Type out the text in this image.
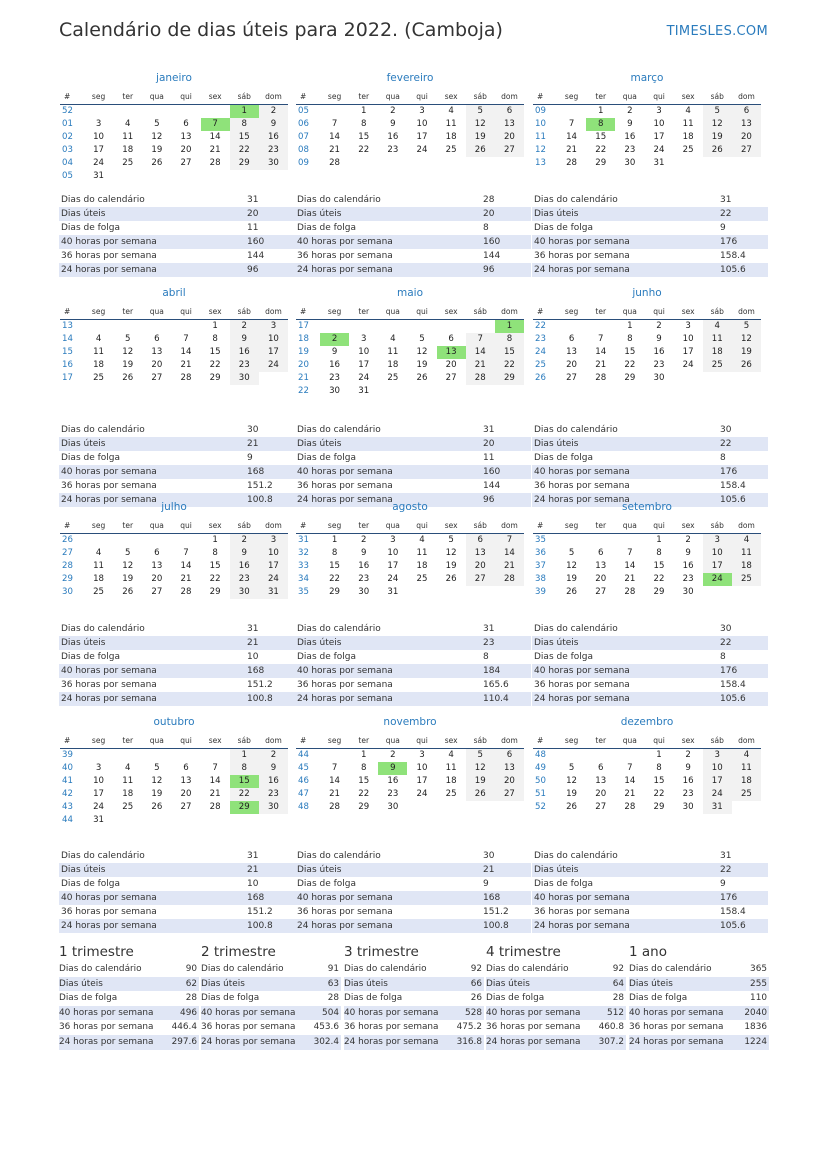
Calendário de dias úteis para 2022. (Camboja)	TIMESLES.COM
janeiro
#	seg	ter	qua	qui	sex	sáb	dom
52						1	2
01	3	4	5	6	7	8	9
02	10	11	12	13	14	15	16
03	17	18	19	20	21	22	23
04	24	25	26	27	28	29	30
05	31						
Dias do calendário	31
Dias úteis	20
Dias de folga	11
40 horas por semana	160
36 horas por semana	144
24 horas por semana	96
fevereiro
#	seg	ter	qua	qui	sex	sáb	dom
05		1	2	3	4	5	6
06	7	8	9	10	11	12	13
07	14	15	16	17	18	19	20
08	21	22	23	24	25	26	27
09	28						
Dias do calendário	28
Dias úteis	20
Dias de folga	8
40 horas por semana	160
36 horas por semana	144
24 horas por semana	96
março
#	seg	ter	qua	qui	sex	sáb	dom
09		1	2	3	4	5	6
10	7	8	9	10	11	12	13
11	14	15	16	17	18	19	20
12	21	22	23	24	25	26	27
13	28	29	30	31			
Dias do calendário	31
Dias úteis	22
Dias de folga	9
40 horas por semana	176
36 horas por semana	158.4
24 horas por semana	105.6
abril
#	seg	ter	qua	qui	sex	sáb	dom
13					1	2	3
14	4	5	6	7	8	9	10
15	11	12	13	14	15	16	17
16	18	19	20	21	22	23	24
17	25	26	27	28	29	30	
Dias do calendário	30
Dias úteis	21
Dias de folga	9
40 horas por semana	168
36 horas por semana	151.2
24 horas por semana	100.8
maio
#	seg	ter	qua	qui	sex	sáb	dom
17							1
18	2	3	4	5	6	7	8
19	9	10	11	12	13	14	15
20	16	17	18	19	20	21	22
21	23	24	25	26	27	28	29
22	30	31					
Dias do calendário	31
Dias úteis	20
Dias de folga	11
40 horas por semana	160
36 horas por semana	144
24 horas por semana	96
junho
#	seg	ter	qua	qui	sex	sáb	dom
22			1	2	3	4	5
23	6	7	8	9	10	11	12
24	13	14	15	16	17	18	19
25	20	21	22	23	24	25	26
26	27	28	29	30			
Dias do calendário	30
Dias úteis	22
Dias de folga	8
40 horas por semana	176
36 horas por semana	158.4
24 horas por semana	105.6
julho
#	seg	ter	qua	qui	sex	sáb	dom
26					1	2	3
27	4	5	6	7	8	9	10
28	11	12	13	14	15	16	17
29	18	19	20	21	22	23	24
30	25	26	27	28	29	30	31
Dias do calendário	31
Dias úteis	21
Dias de folga	10
40 horas por semana	168
36 horas por semana	151.2
24 horas por semana	100.8
agosto
#	seg	ter	qua	qui	sex	sáb	dom
31	1	2	3	4	5	6	7
32	8	9	10	11	12	13	14
33	15	16	17	18	19	20	21
34	22	23	24	25	26	27	28
35	29	30	31				
Dias do calendário	31
Dias úteis	23
Dias de folga	8
40 horas por semana	184
36 horas por semana	165.6
24 horas por semana	110.4
setembro
#	seg	ter	qua	qui	sex	sáb	dom
35				1	2	3	4
36	5	6	7	8	9	10	11
37	12	13	14	15	16	17	18
38	19	20	21	22	23	24	25
39	26	27	28	29	30		
Dias do calendário	30
Dias úteis	22
Dias de folga	8
40 horas por semana	176
36 horas por semana	158.4
24 horas por semana	105.6
outubro
#	seg	ter	qua	qui	sex	sáb	dom
39						1	2
40	3	4	5	6	7	8	9
41	10	11	12	13	14	15	16
42	17	18	19	20	21	22	23
43	24	25	26	27	28	29	30
44	31						
Dias do calendário	31
Dias úteis	21
Dias de folga	10
40 horas por semana	168
36 horas por semana	151.2
24 horas por semana	100.8
novembro
#	seg	ter	qua	qui	sex	sáb	dom
44		1	2	3	4	5	6
45	7	8	9	10	11	12	13
46	14	15	16	17	18	19	20
47	21	22	23	24	25	26	27
48	28	29	30				
Dias do calendário	30
Dias úteis	21
Dias de folga	9
40 horas por semana	168
36 horas por semana	151.2
24 horas por semana	100.8
dezembro
#	seg	ter	qua	qui	sex	sáb	dom
48				1	2	3	4
49	5	6	7	8	9	10	11
50	12	13	14	15	16	17	18
51	19	20	21	22	23	24	25
52	26	27	28	29	30	31	
Dias do calendário	31
Dias úteis	22
Dias de folga	9
40 horas por semana	176
36 horas por semana	158.4
24 horas por semana	105.6
1 trimestre
Dias do calendário	90
Dias úteis	62
Dias de folga	28
40 horas por semana	496
36 horas por semana	446.4
24 horas por semana	297.6
2 trimestre
Dias do calendário	91
Dias úteis	63
Dias de folga	28
40 horas por semana	504
36 horas por semana	453.6
24 horas por semana	302.4
3 trimestre
Dias do calendário	92
Dias úteis	66
Dias de folga	26
40 horas por semana	528
36 horas por semana	475.2
24 horas por semana	316.8
4 trimestre
Dias do calendário	92
Dias úteis	64
Dias de folga	28
40 horas por semana	512
36 horas por semana	460.8
24 horas por semana	307.2
1 ano
Dias do calendário	365
Dias úteis	255
Dias de folga	110
40 horas por semana	2040
36 horas por semana	1836
24 horas por semana	1224
